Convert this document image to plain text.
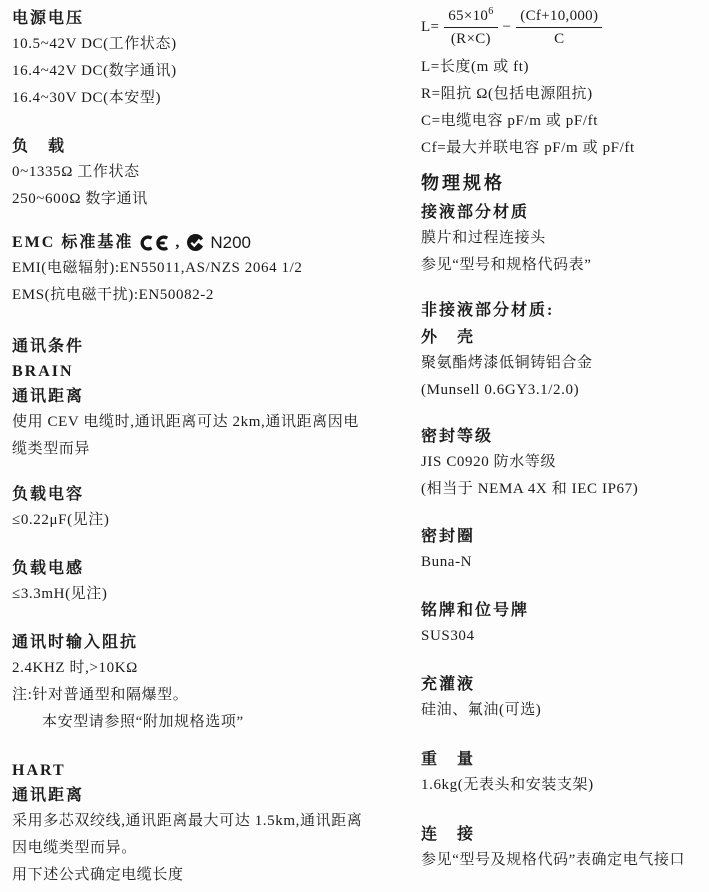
电源电压
10.5~42V DC(工作状态)
16.4~42V DC(数字通讯)
16.4~30V DC(本安型)
负　载
0~1335Ω 工作状态
250~600Ω 数字通讯
EMC 标准基准	, N200
EMI(电磁辐射):EN55011,AS/NZS 2064 1/2
EMS(抗电磁干扰):EN50082-2
通讯条件
BRAIN
通讯距离
使用 CEV 电缆时,通讯距离可达 2km,通讯距离因电
缆类型而异
负载电容
≤0.22μF(见注)
负载电感
≤3.3mH(见注)
通讯时输入阻抗
2.4KHZ 时,>10KΩ
注:针对普通型和隔爆型。
本安型请参照“附加规格选项”
HART
通讯距离
采用多芯双绞线,通讯距离最大可达 1.5km,通讯距离
因电缆类型而异。
用下述公式确定电缆长度
$L= \frac{65\times 10^6}{(R\times C)} - \frac{(Cf+10,000)}{C}$
L=长度(m 或 ft)
R=阻抗 Ω(包括电源阻抗)
C=电缆电容 pF/m 或 pF/ft
Cf=最大并联电容 pF/m 或 pF/ft
物理规格
接液部分材质
膜片和过程连接头
参见“型号和规格代码表”
非接液部分材质:
外　壳
聚氨酯烤漆低铜铸铝合金
(Munsell 0.6GY3.1/2.0)
密封等级
JIS C0920 防水等级
(相当于 NEMA 4X 和 IEC IP67)
密封圈
Buna-N
铭牌和位号牌
SUS304
充灌液
硅油、氟油(可选)
重　量
1.6kg(无表头和安装支架)
连　接
参见“型号及规格代码”表确定电气接口
